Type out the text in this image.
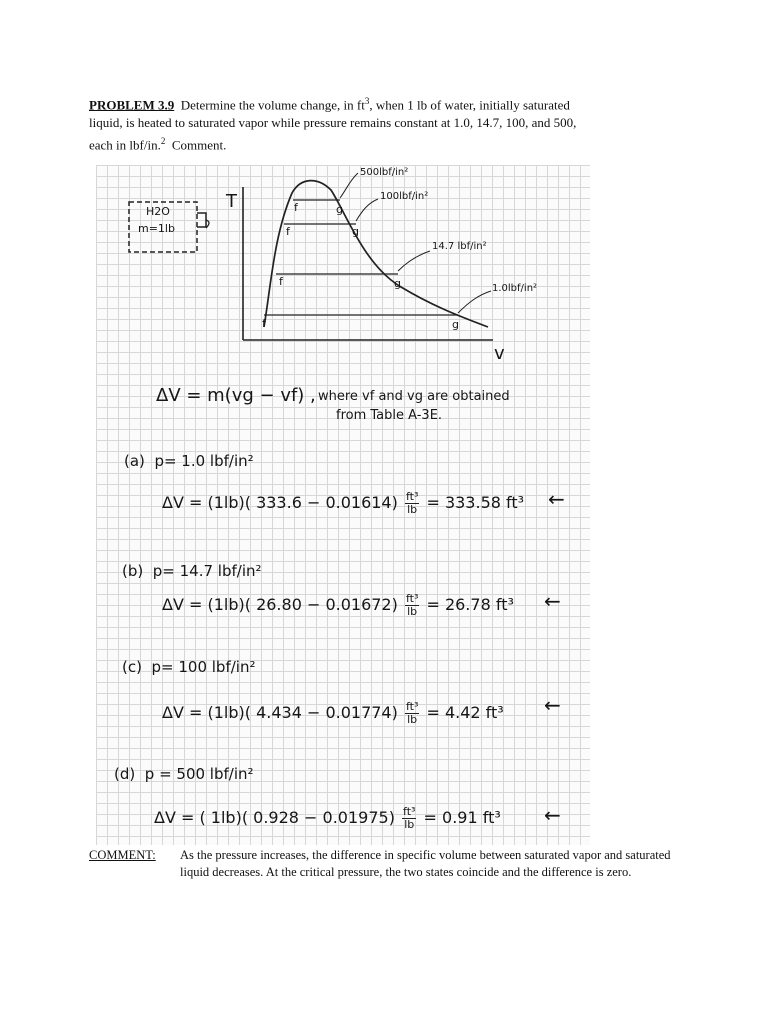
PROBLEM 3.9 Determine the volume change, in $ft^3$, when 1 lb of water, initially saturated
liquid, is heated to saturated vapor while pressure remains constant at 1.0, 14.7, 100, and 500,
each in lbf/in.$^2$ Comment.
H2O
m=1lb
T
v
500lbf/in²
100lbf/in²
14.7 lbf/in²
1.0lbf/in²
f	g
f	g
f	g
f	g
ΔV = m(vg − vf) , where vf and vg are obtained
from Table A-3E.
(a) p= 1.0 lbf/in²
ΔV = (1lb)( $333.6 - 0.01614) \frac{\text{ft³}}{lb} = 333.58$ ft³ ←
(b) p= 14.7 lbf/in²
ΔV = (1lb)( $26.80 - 0.01672) \frac{\text{ft³}}{lb} = 26.78$ ft³ ←
(c) p= 100 lbf/in²
ΔV = (1lb)( $4.434 - 0.01774) \frac{\text{ft³}}{lb} = 4.42$ ft³ ←
(d) p = 500 lbf/in²
ΔV = ( 1lb)( $0.928 - 0.01975) \frac{\text{ft³}}{lb} = 0.91$ ft³ ←
COMMENT: As the pressure increases, the difference in specific volume between saturated vapor and saturated liquid decreases. At the critical pressure, the two states coincide and the difference is zero.
